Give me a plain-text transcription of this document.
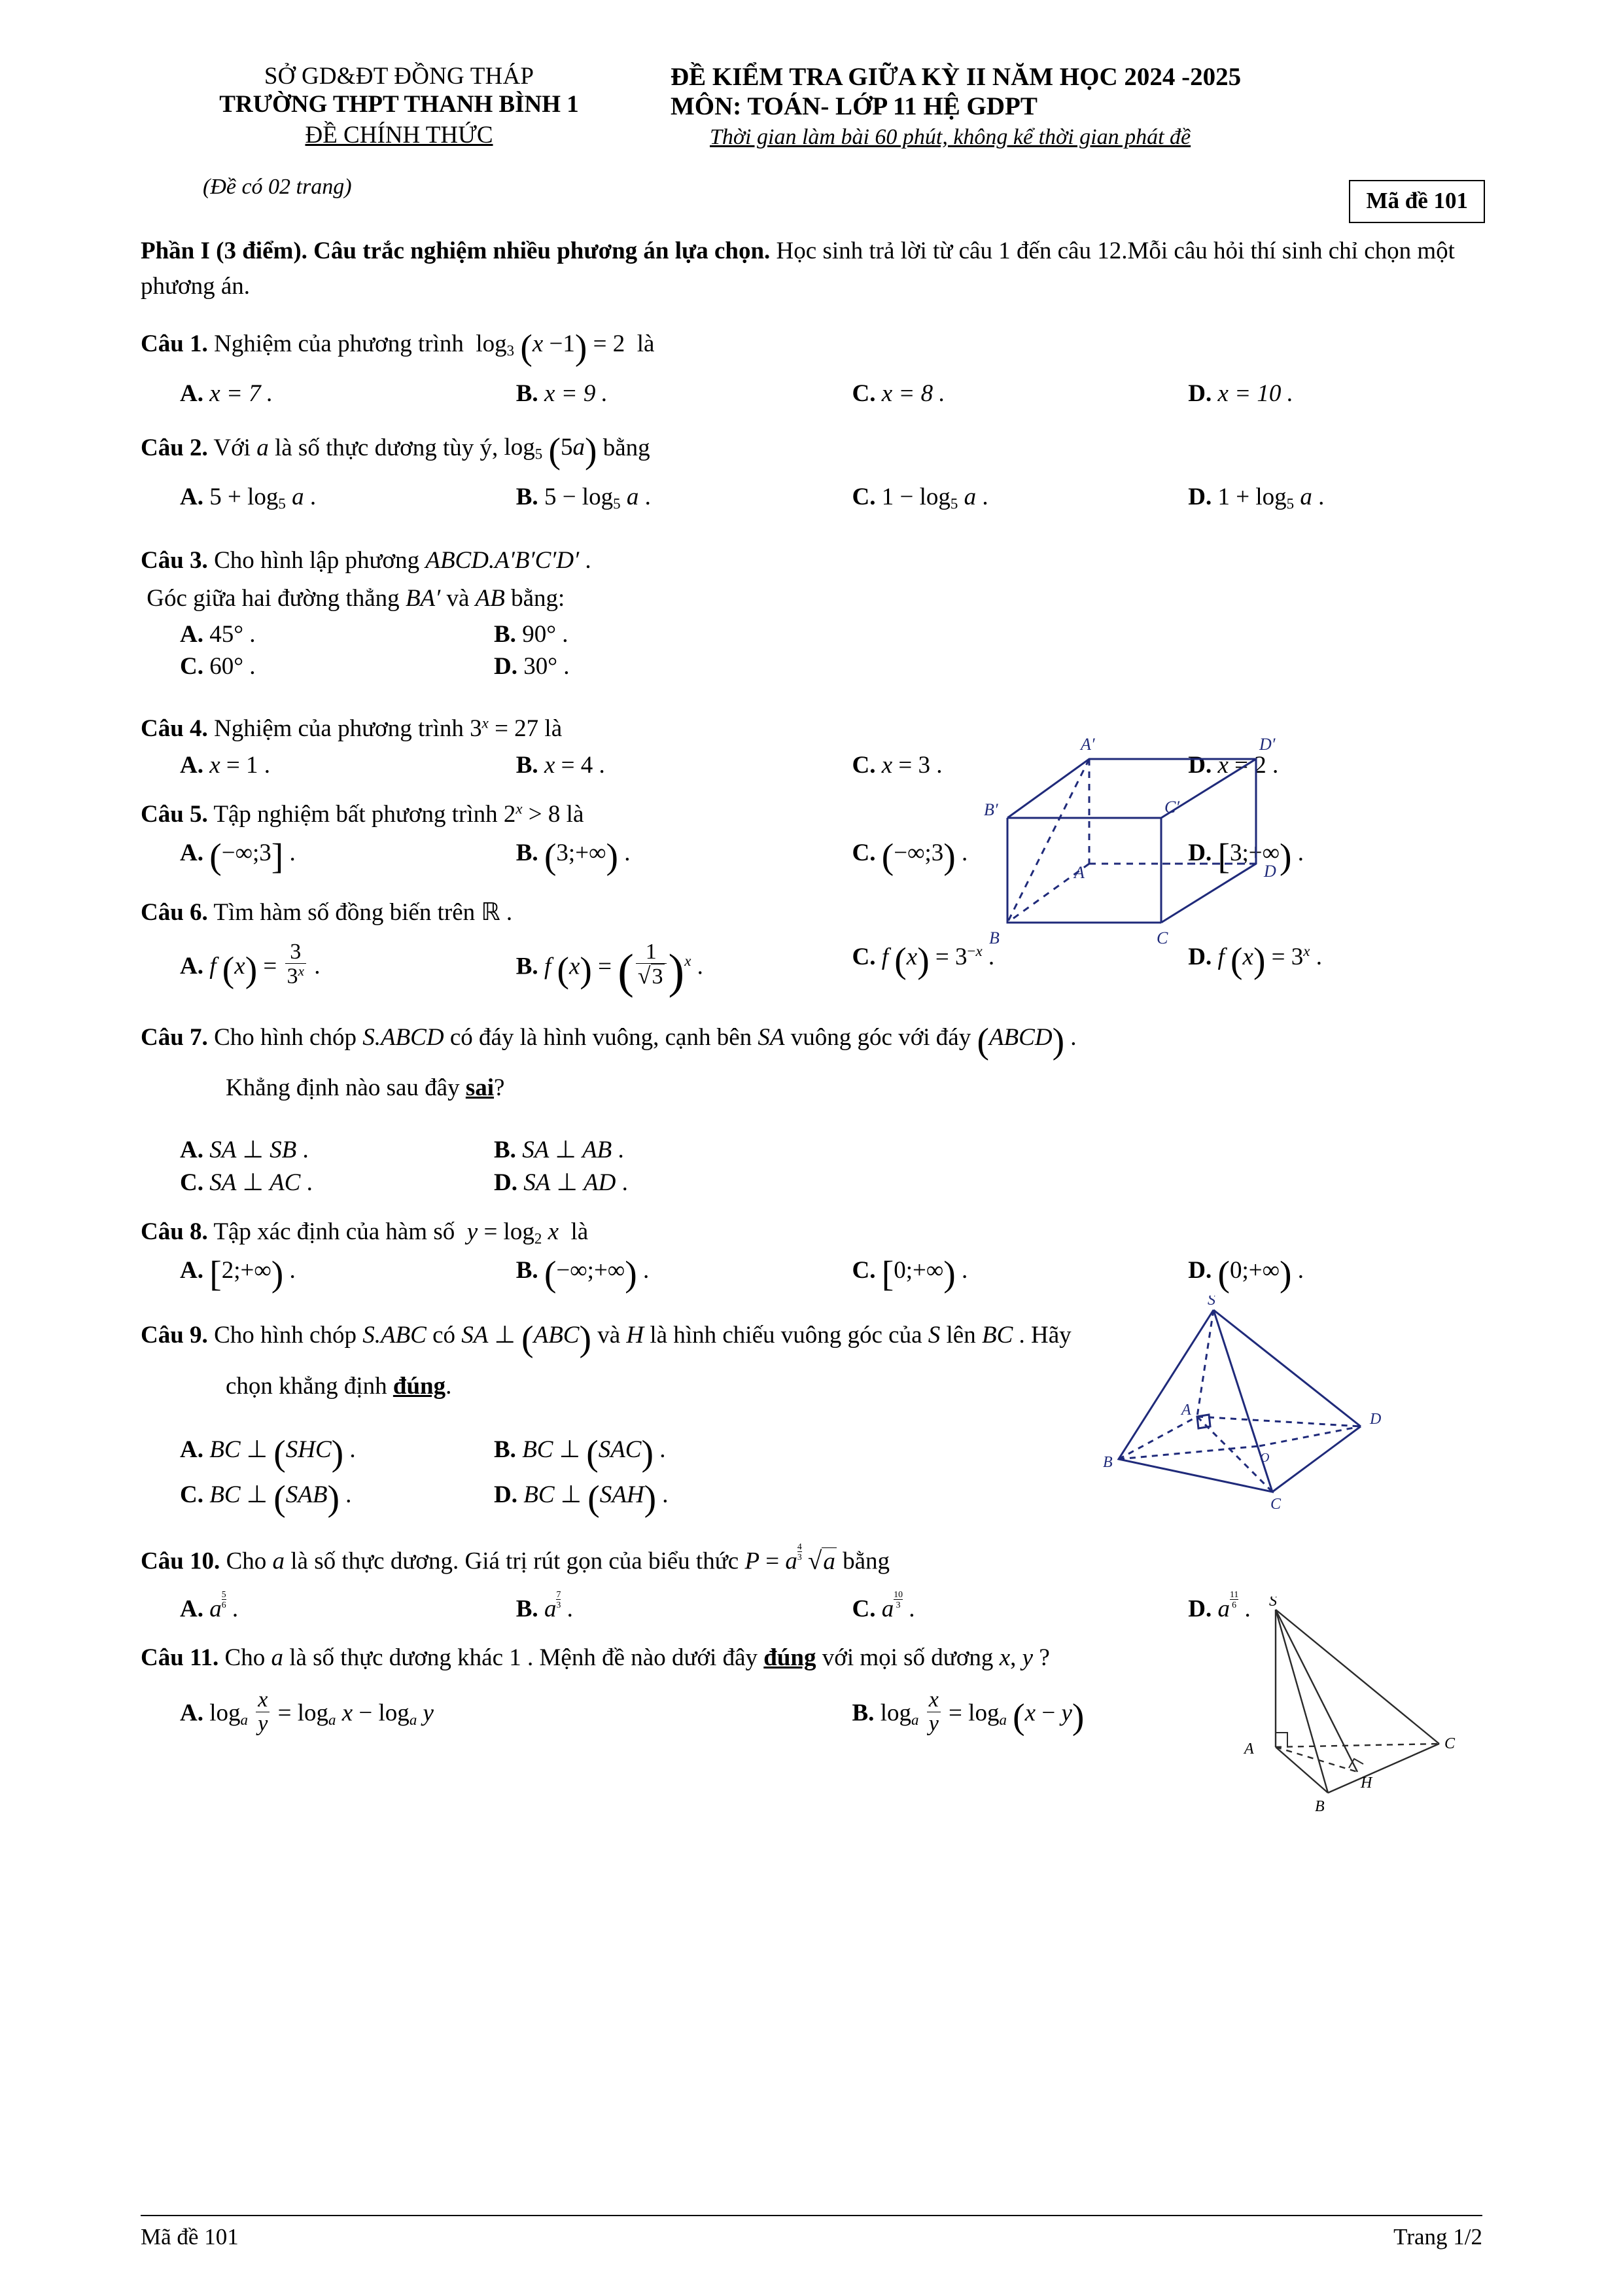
SỞ GD&ĐT ĐỒNG THÁP
TRƯỜNG THPT THANH BÌNH 1
ĐỀ CHÍNH THỨC
ĐỀ KIỂM TRA GIỮA KỲ II NĂM HỌC 2024 -2025
MÔN: TOÁN- LỚP 11 HỆ GDPT
Thời gian làm bài 60 phút, không kể thời gian phát đề
(Đề có 02 trang)
Mã đề 101
Phần I (3 điểm). Câu trắc nghiệm nhiều phương án lựa chọn. Học sinh trả lời từ câu 1 đến câu 12.Mỗi câu hỏi thí sinh chỉ chọn một phương án.
Câu 1. Nghiệm của phương trình  $\log_3 (x -1) = 2$  là
A. x = 7 .	B. x = 9 .	C. x = 8 .	D. x = 10 .
Câu 2. Với a là số thực dương tùy ý, $\log_5 (5a)$ bằng
A. $5 + \log_5 a$ .	B. $5 - \log_5 a$ .	C. $1 - \log_5 a$ .	D. $1 + \log_5 a$ .
Câu 3. Cho hình lập phương ABCD.A′B′C′D′ .
Góc giữa hai đường thẳng BA′ và AB bằng:
A. 45° .	B. 90° .
C. 60° .	D. 30° .
Câu 4. Nghiệm của phương trình $3^x = 27$ là
A. x = 1 .	B. x = 4 .	C. x = 3 .	D. x = 2 .
Câu 5. Tập nghiệm bất phương trình $2^x > 8$ là
A. (−∞;3] .	B. (3;+∞) .	C. (−∞;3) .	D. [3;+∞) .
Câu 6. Tìm hàm số đồng biến trên ℝ .
A. f $(x) = \frac{3}{3^x}$ .	B. f (x) = ( $\frac{1}{√3} )^x$ .	C. f $(x) = 3^{-x}$ .	D. f $(x) = 3^x$ .
Câu 7. Cho hình chóp S.ABCD có đáy là hình vuông, cạnh bên SA vuông góc với đáy (ABCD) .
Khẳng định nào sau đây sai?
A. SA ⊥ SB .	B. SA ⊥ AB .
C. SA ⊥ AC .	D. SA ⊥ AD .
Câu 8. Tập xác định của hàm số  $y = \log_2 x$  là
A. [2;+∞) .	B. (−∞;+∞) .	C. [0;+∞) .	D. (0;+∞) .
Câu 9. Cho hình chóp S.ABC có SA ⊥ (ABC) và H là hình chiếu vuông góc của S lên BC . Hãy
chọn khẳng định đúng.
A. BC ⊥ (SHC) .	B. BC ⊥ (SAC) .
C. BC ⊥ (SAB) .	D. BC ⊥ (SAH) .
Câu 10. Cho a là số thực dương. Giá trị rút gọn của biểu thức P = a $^{\frac{4}{3}}$ √a bằng
A. a $^{\frac{5}{6}}$ .	B. a $^{\frac{7}{3}}$ .	C. a $^{\frac{10}{3}}$ .	D. a $^{\frac{11}{6}}$ .
Câu 11. Cho a là số thực dương khác 1 . Mệnh đề nào dưới đây đúng với mọi số dương x, y ?
A. $\log_a \frac{x}{y} = \log_a x - \log_a y$	B. $\log_a \frac{x}{y} = \log_a (x - y)$
A′	D′
B′	C′
A	D
B	C
S
A
B
C
D
O
S
A
B
C
H
Mã đề 101	Trang 1/2
